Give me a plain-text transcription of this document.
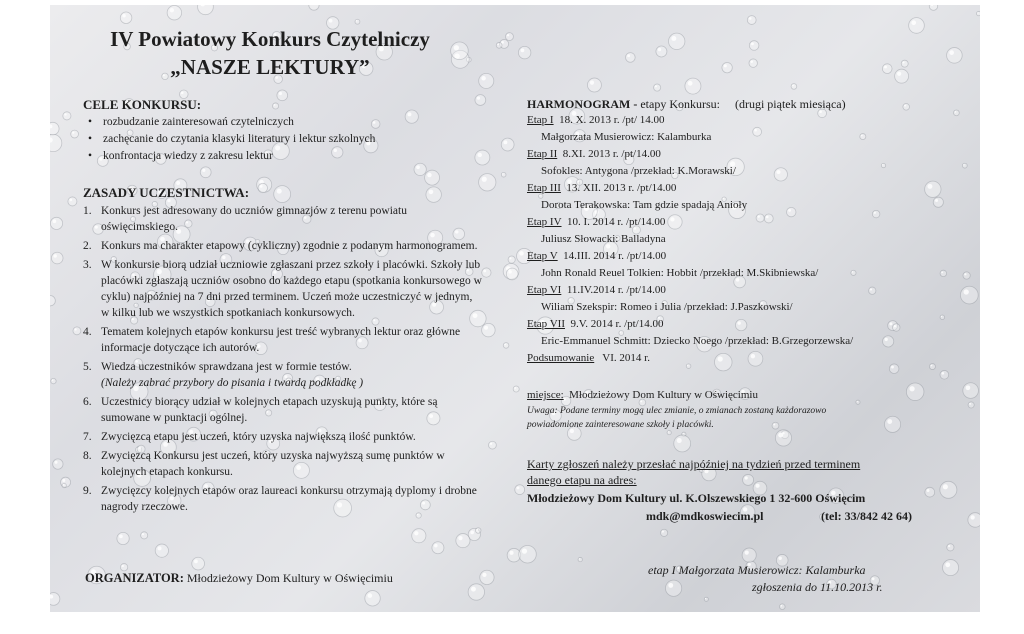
IV Powiatowy Konkurs Czytelniczy
„NASZE LEKTURY”
CELE KONKURSU:
• rozbudzanie zainteresowań czytelniczych
• zachęcanie do czytania klasyki literatury i lektur szkolnych
• konfrontacja wiedzy z zakresu lektur
ZASADY UCZESTNICTWA:
1. Konkurs jest adresowany do uczniów gimnazjów z terenu powiatu oświęcimskiego.
2. Konkurs ma charakter etapowy (cykliczny) zgodnie z podanym harmonogramem.
3. W konkursie biorą udział uczniowie zgłaszani przez szkoły i placówki. Szkoły lub placówki zgłaszają uczniów osobno do każdego etapu (spotkania konkursowego w cyklu) najpóźniej na 7 dni przed terminem. Uczeń może uczestniczyć w jednym, w kilku lub we wszystkich spotkaniach konkursowych.
4. Tematem kolejnych etapów konkursu jest treść wybranych lektur oraz główne informacje dotyczące ich autorów.
5. Wiedza uczestników sprawdzana jest w formie testów.
(Należy zabrać przybory do pisania i twardą podkładkę )
6. Uczestnicy biorący udział w kolejnych etapach uzyskują punkty, które są sumowane w punktacji ogólnej.
7. Zwycięzcą etapu jest uczeń, który uzyska największą ilość punktów.
8. Zwycięzcą Konkursu jest uczeń, który uzyska najwyższą sumę punktów w kolejnych etapach konkursu.
9. Zwycięzcy kolejnych etapów oraz laureaci konkursu otrzymają dyplomy i drobne nagrody rzeczowe.
ORGANIZATOR: Młodzieżowy Dom Kultury w Oświęcimiu
HARMONOGRAM - etapy Konkursu: (drugi piątek miesiąca)
Etap I 18. X. 2013 r. /pt/ 14.00
Małgorzata Musierowicz: Kalamburka
Etap II 8.XI. 2013 r. /pt/14.00
Sofokles: Antygona /przekład: K.Morawski/
Etap III 13. XII. 2013 r. /pt/14.00
Dorota Terakowska: Tam gdzie spadają Anioły
Etap IV 10. I. 2014 r. /pt/14.00
Juliusz Słowacki: Balladyna
Etap V 14.III. 2014 r. /pt/14.00
John Ronald Reuel Tolkien: Hobbit /przekład: M.Skibniewska/
Etap VI 11.IV.2014 r. /pt/14.00
Wiliam Szekspir: Romeo i Julia /przekład: J.Paszkowski/
Etap VII 9.V. 2014 r. /pt/14.00
Eric-Emmanuel Schmitt: Dziecko Noego /przekład: B.Grzegorzewska/
Podsumowanie VI. 2014 r.
miejsce: Młodzieżowy Dom Kultury w Oświęcimiu
Uwaga: Podane terminy mogą ulec zmianie, o zmianach zostaną każdorazowo
powiadomione zainteresowane szkoły i placówki.
Karty zgłoszeń należy przesłać najpóźniej na tydzień przed terminem
danego etapu na adres:
Młodzieżowy Dom Kultury ul. K.Olszewskiego 1 32-600 Oświęcim
mdk@mdkoswiecim.pl	(tel: 33/842 42 64)
etap I Małgorzata Musierowicz: Kalamburka
zgłoszenia do 11.10.2013 r.
